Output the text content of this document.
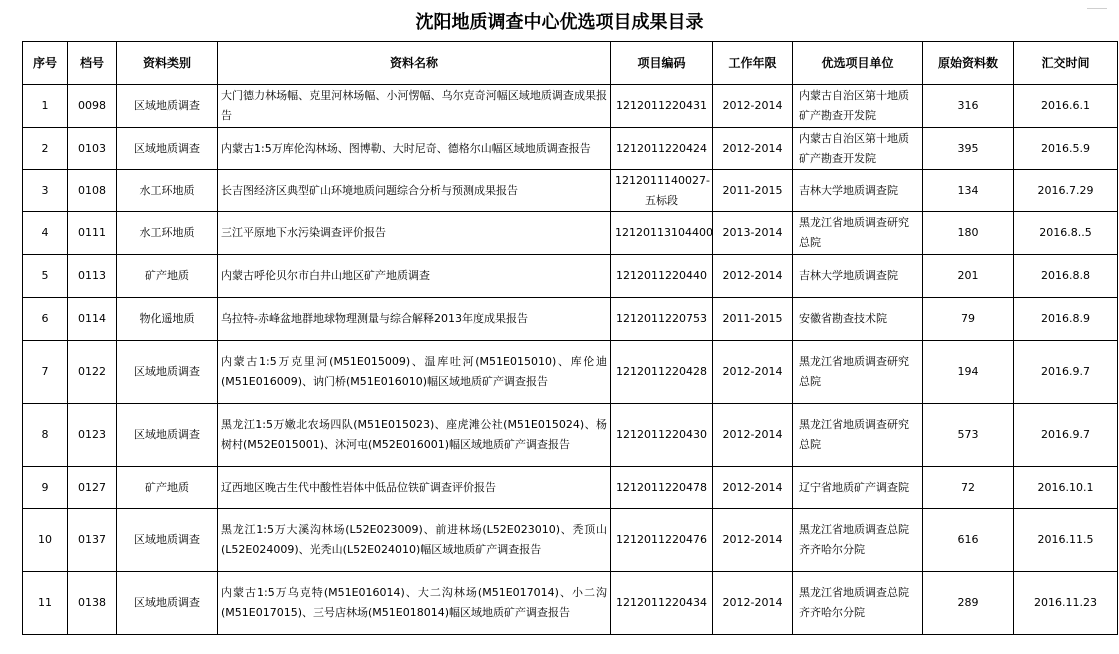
沈阳地质调查中心优选项目成果目录
序号	档号	资料类别	资料名称	项目编码	工作年限	优选项目单位	原始资料数	汇交时间
1	0098	区域地质调查	大门德力林场幅、克里河林场幅、小河愣幅、乌尔克奇河幅区域地质调查成果报告	1212011220431	2012-2014	内蒙古自治区第十地质矿产勘查开发院	316	2016.6.1
2	0103	区域地质调查	内蒙古1:5万库伦沟林场、图博勒、大时尼奇、德格尔山幅区域地质调查报告	1212011220424	2012-2014	内蒙古自治区第十地质矿产勘查开发院	395	2016.5.9
3	0108	水工环地质	长吉图经济区典型矿山环境地质问题综合分析与预测成果报告	1212011140027-五标段	2011-2015	吉林大学地质调查院	134	2016.7.29
4	0111	水工环地质	三江平原地下水污染调查评价报告	12120113104400	2013-2014	黑龙江省地质调查研究总院	180	2016.8..5
5	0113	矿产地质	内蒙古呼伦贝尔市白井山地区矿产地质调查	1212011220440	2012-2014	吉林大学地质调查院	201	2016.8.8
6	0114	物化遥地质	乌拉特-赤峰盆地群地球物理测量与综合解释2013年度成果报告	1212011220753	2011-2015	安徽省勘查技术院	79	2016.8.9
7	0122	区域地质调查	内蒙古1:5万克里河(M51E015009)、温库吐河(M51E015010)、库伦迪(M51E016009)、讷门桥(M51E016010)幅区域地质矿产调查报告	1212011220428	2012-2014	黑龙江省地质调查研究总院	194	2016.9.7
8	0123	区域地质调查	黑龙江1:5万嫩北农场四队(M51E015023)、座虎滩公社(M51E015024)、杨树村(M52E015001)、沐河屯(M52E016001)幅区域地质矿产调查报告	1212011220430	2012-2014	黑龙江省地质调查研究总院	573	2016.9.7
9	0127	矿产地质	辽西地区晚古生代中酸性岩体中低品位铁矿调查评价报告	1212011220478	2012-2014	辽宁省地质矿产调查院	72	2016.10.1
10	0137	区域地质调查	黑龙江1:5万大溪沟林场(L52E023009)、前进林场(L52E023010)、秃顶山(L52E024009)、光秃山(L52E024010)幅区域地质矿产调查报告	1212011220476	2012-2014	黑龙江省地质调查总院齐齐哈尔分院	616	2016.11.5
11	0138	区域地质调查	内蒙古1:5万乌克特(M51E016014)、大二沟林场(M51E017014)、小二沟(M51E017015)、三号店林场(M51E018014)幅区域地质矿产调查报告	1212011220434	2012-2014	黑龙江省地质调查总院齐齐哈尔分院	289	2016.11.23
